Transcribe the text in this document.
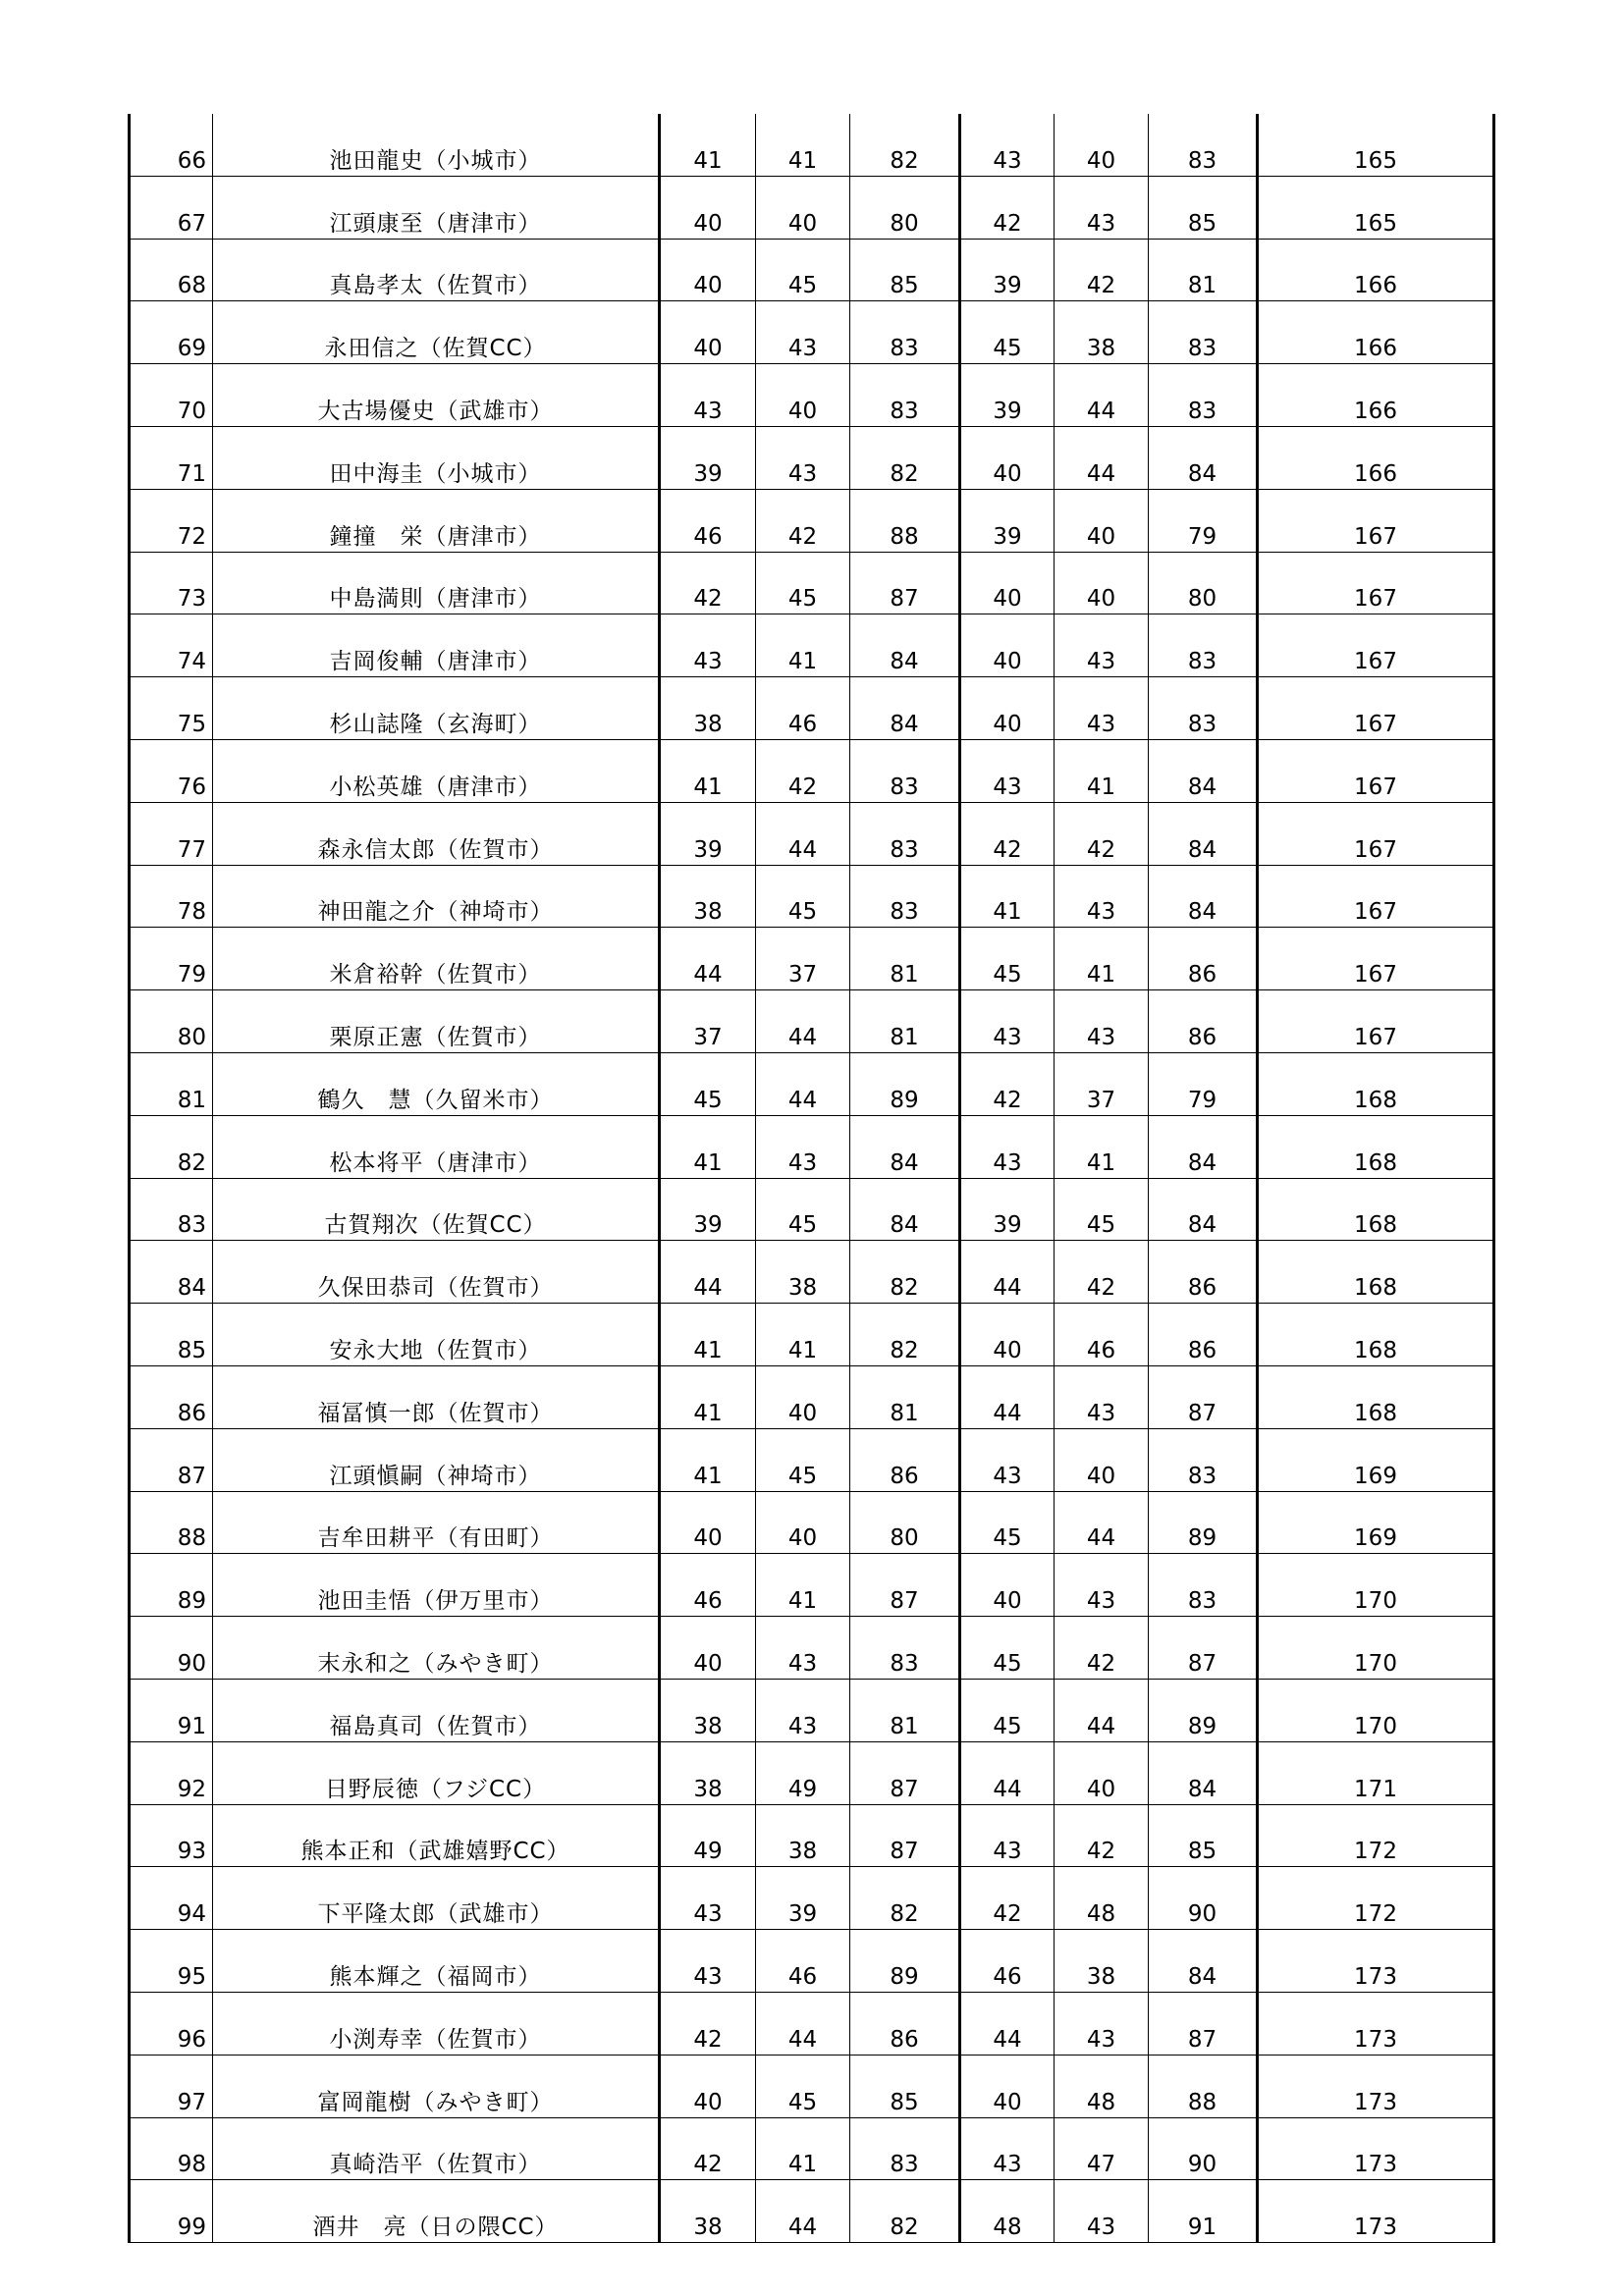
66	池田龍史（小城市）	41	41	82	43	40	83	165
67	江頭康至（唐津市）	40	40	80	42	43	85	165
68	真島孝太（佐賀市）	40	45	85	39	42	81	166
69	永田信之（佐賀CC）	40	43	83	45	38	83	166
70	大古場優史（武雄市）	43	40	83	39	44	83	166
71	田中海圭（小城市）	39	43	82	40	44	84	166
72	鐘撞　栄（唐津市）	46	42	88	39	40	79	167
73	中島満則（唐津市）	42	45	87	40	40	80	167
74	吉岡俊輔（唐津市）	43	41	84	40	43	83	167
75	杉山誌隆（玄海町）	38	46	84	40	43	83	167
76	小松英雄（唐津市）	41	42	83	43	41	84	167
77	森永信太郎（佐賀市）	39	44	83	42	42	84	167
78	神田龍之介（神埼市）	38	45	83	41	43	84	167
79	米倉裕幹（佐賀市）	44	37	81	45	41	86	167
80	栗原正憲（佐賀市）	37	44	81	43	43	86	167
81	鶴久　慧（久留米市）	45	44	89	42	37	79	168
82	松本将平（唐津市）	41	43	84	43	41	84	168
83	古賀翔次（佐賀CC）	39	45	84	39	45	84	168
84	久保田恭司（佐賀市）	44	38	82	44	42	86	168
85	安永大地（佐賀市）	41	41	82	40	46	86	168
86	福冨慎一郎（佐賀市）	41	40	81	44	43	87	168
87	江頭愼嗣（神埼市）	41	45	86	43	40	83	169
88	吉牟田耕平（有田町）	40	40	80	45	44	89	169
89	池田圭悟（伊万里市）	46	41	87	40	43	83	170
90	末永和之（みやき町）	40	43	83	45	42	87	170
91	福島真司（佐賀市）	38	43	81	45	44	89	170
92	日野辰徳（フジCC）	38	49	87	44	40	84	171
93	熊本正和（武雄嬉野CC）	49	38	87	43	42	85	172
94	下平隆太郎（武雄市）	43	39	82	42	48	90	172
95	熊本輝之（福岡市）	43	46	89	46	38	84	173
96	小渕寿幸（佐賀市）	42	44	86	44	43	87	173
97	富岡龍樹（みやき町）	40	45	85	40	48	88	173
98	真崎浩平（佐賀市）	42	41	83	43	47	90	173
99	酒井　亮（日の隈CC）	38	44	82	48	43	91	173
